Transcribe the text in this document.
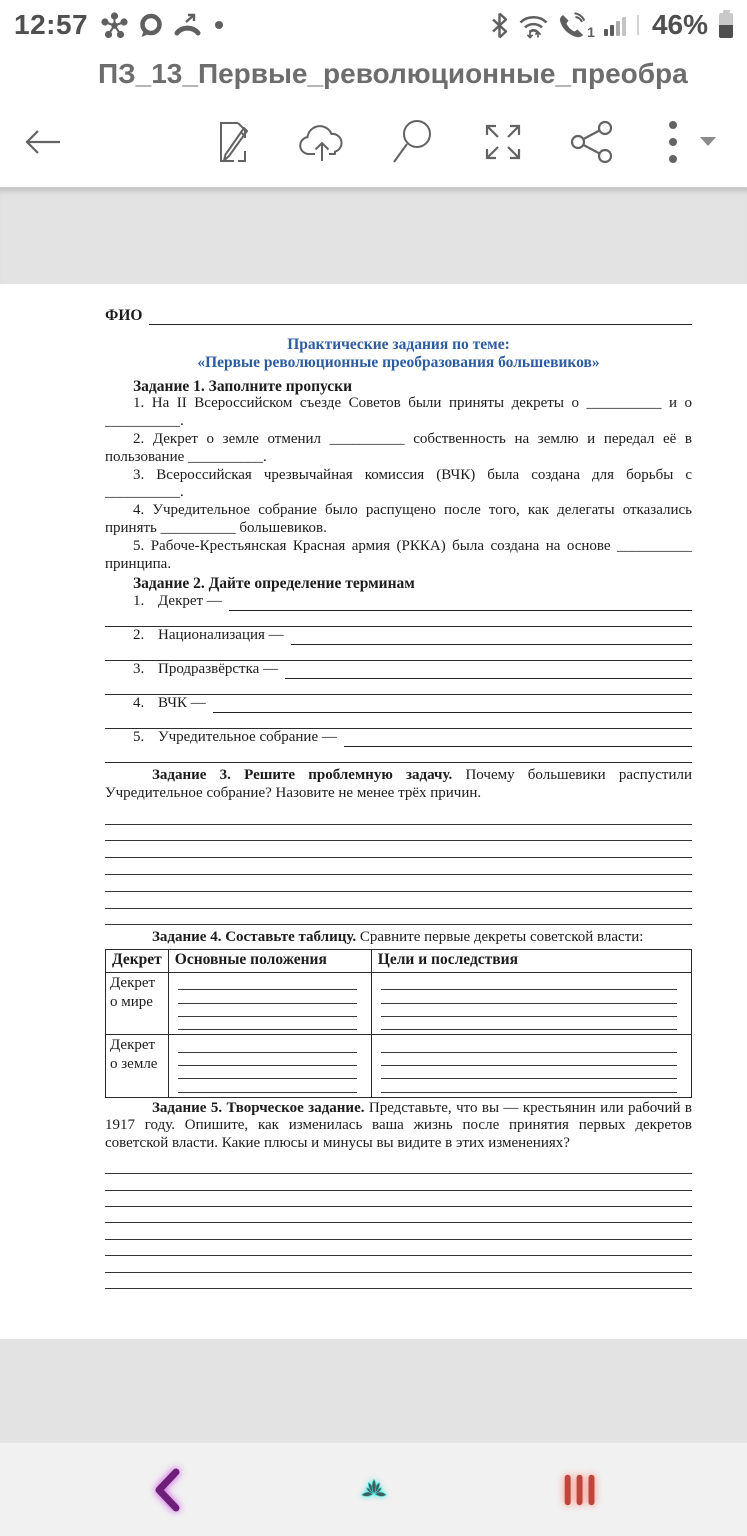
12:57	1 46%
ПЗ_13_Первые_революционные_преобра
ФИО
Практические задания по теме:
«Первые революционные преобразования большевиков»
Задание 1. Заполните пропуски

1. На II Всероссийском съезде Советов были приняты декреты о __________ и о __________.

2. Декрет о земле отменил __________ собственность на землю и передал её в пользование __________.

3. Всероссийская чрезвычайная комиссия (ВЧК) была создана для борьбы с __________.

4. Учредительное собрание было распущено после того, как делегаты отказались принять __________ большевиков.

5. Рабоче-Крестьянская Красная армия (РККА) была создана на основе __________ принципа.

Задание 2. Дайте определение терминам
1. Декрет —
2. Национализация —
3. Продразвёрстка —
4. ВЧК —
5. Учредительное собрание —

Задание 3. Решите проблемную задачу. Почему большевики распустили Учредительное собрание? Назовите не менее трёх причин.

Задание 4. Составьте таблицу. Сравните первые декреты советской власти:

Декрет	Основные положения	Цели и последствия
Декрет о мире	

Декрет о земле	

Задание 5. Творческое задание. Представьте, что вы — крестьянин или рабочий в 1917 году. Опишите, как изменилась ваша жизнь после принятия первых декретов советской власти. Какие плюсы и минусы вы видите в этих изменениях?
